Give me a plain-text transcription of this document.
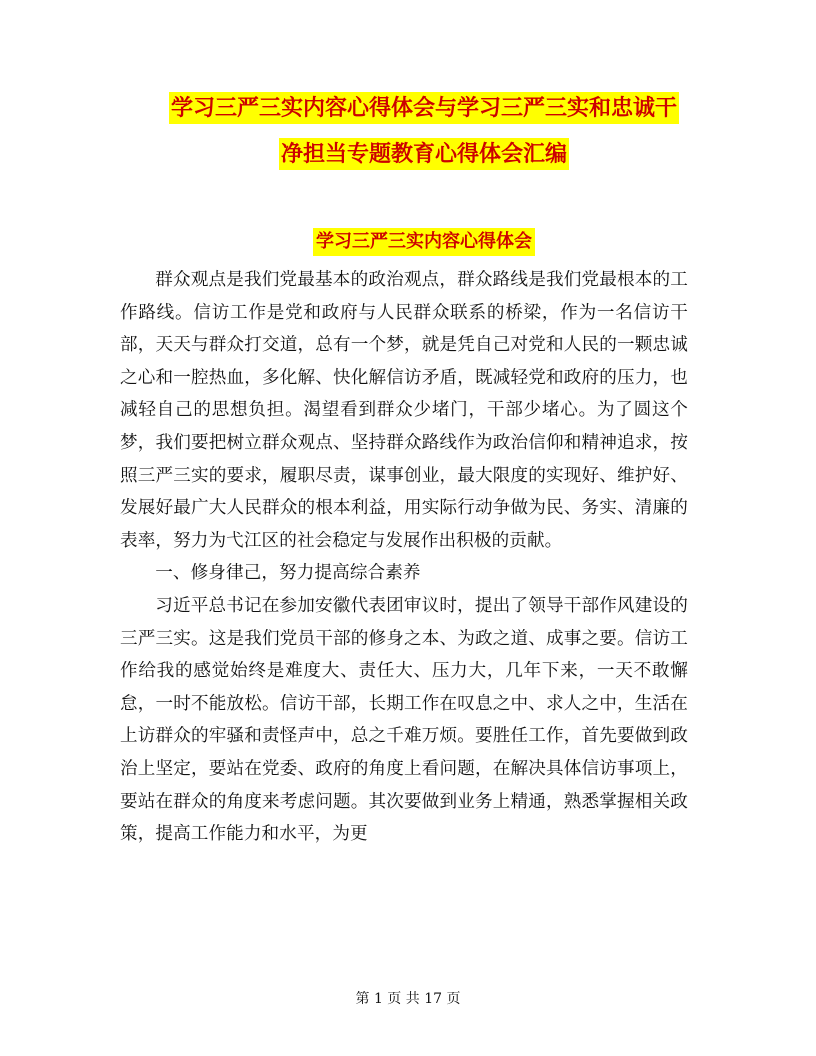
学习三严三实内容心得体会与学习三严三实和忠诚干
净担当专题教育心得体会汇编
学习三严三实内容心得体会

群众观点是我们党最基本的政治观点，群众路线是我们党最根本的工作路线。信访工作是党和政府与人民群众联系的桥梁，作为一名信访干部，天天与群众打交道，总有一个梦，就是凭自己对党和人民的一颗忠诚之心和一腔热血，多化解、快化解信访矛盾，既减轻党和政府的压力，也减轻自己的思想负担。渴望看到群众少堵门，干部少堵心。为了圆这个梦，我们要把树立群众观点、坚持群众路线作为政治信仰和精神追求，按照三严三实的要求，履职尽责，谋事创业，最大限度的实现好、维护好、发展好最广大人民群众的根本利益，用实际行动争做为民、务实、清廉的表率，努力为弋江区的社会稳定与发展作出积极的贡献。

一、修身律己，努力提高综合素养

习近平总书记在参加安徽代表团审议时，提出了领导干部作风建设的三严三实。这是我们党员干部的修身之本、为政之道、成事之要。信访工作给我的感觉始终是难度大、责任大、压力大，几年下来，一天不敢懈怠，一时不能放松。信访干部，长期工作在叹息之中、求人之中，生活在上访群众的牢骚和责怪声中，总之千难万烦。要胜任工作，首先要做到政治上坚定，要站在党委、政府的角度上看问题，在解决具体信访事项上，要站在群众的角度来考虑问题。其次要做到业务上精通，熟悉掌握相关政策，提高工作能力和水平，为更

第 1 页 共 17 页
